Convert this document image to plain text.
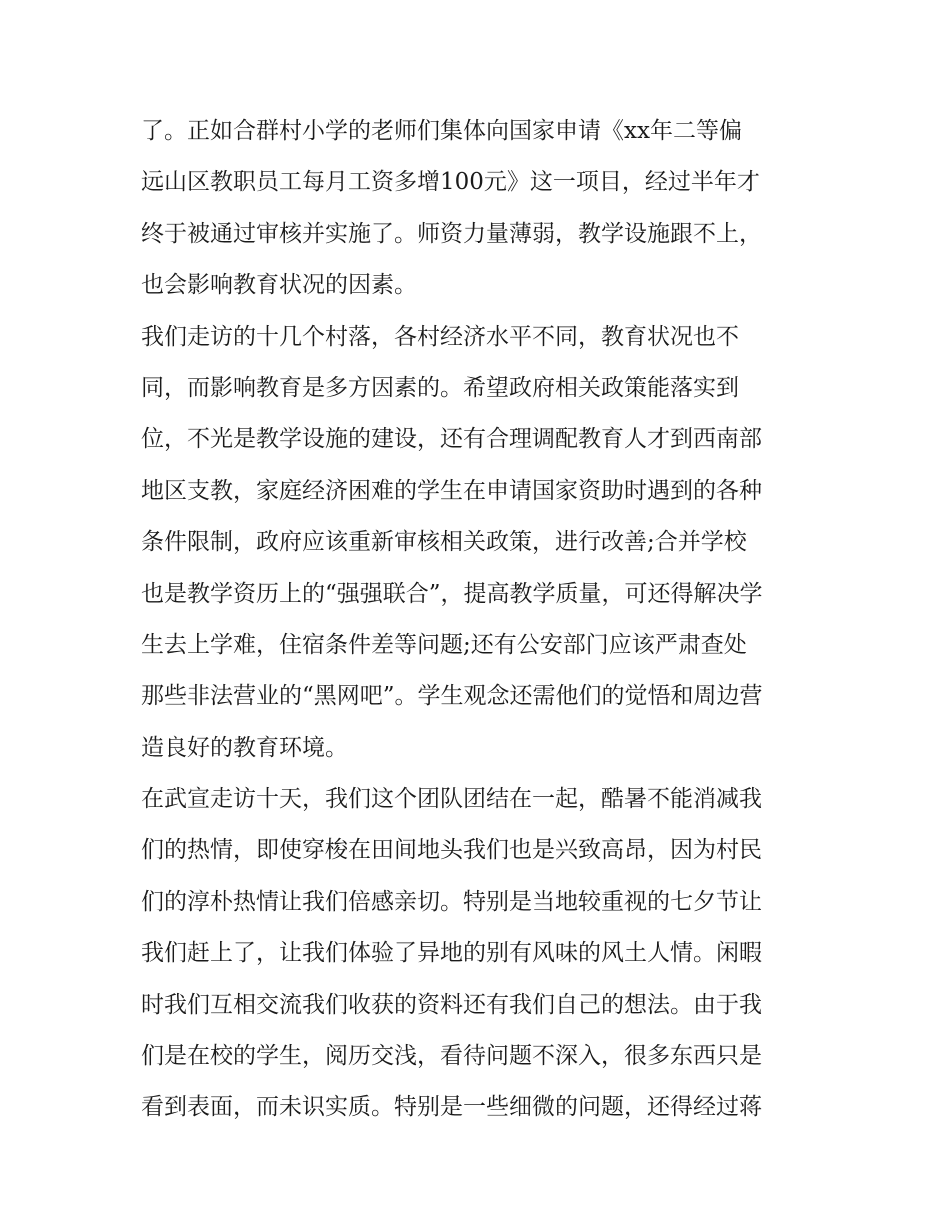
了。正如合群村小学的老师们集体向国家申请《xx年二等偏
远山区教职员工每月工资多增100元》这一项目，经过半年才
终于被通过审核并实施了。师资力量薄弱，教学设施跟不上，
也会影响教育状况的因素。
我们走访的十几个村落，各村经济水平不同，教育状况也不
同，而影响教育是多方因素的。希望政府相关政策能落实到
位，不光是教学设施的建设，还有合理调配教育人才到西南部
地区支教，家庭经济困难的学生在申请国家资助时遇到的各种
条件限制，政府应该重新审核相关政策，进行改善;合并学校
也是教学资历上的“强强联合”，提高教学质量，可还得解决学
生去上学难，住宿条件差等问题;还有公安部门应该严肃查处
那些非法营业的“黑网吧”。学生观念还需他们的觉悟和周边营
造良好的教育环境。
在武宣走访十天，我们这个团队团结在一起，酷暑不能消减我
们的热情，即使穿梭在田间地头我们也是兴致高昂，因为村民
们的淳朴热情让我们倍感亲切。特别是当地较重视的七夕节让
我们赶上了，让我们体验了异地的别有风味的风土人情。闲暇
时我们互相交流我们收获的资料还有我们自己的想法。由于我
们是在校的学生，阅历交浅，看待问题不深入，很多东西只是
看到表面，而未识实质。特别是一些细微的问题，还得经过蒋
